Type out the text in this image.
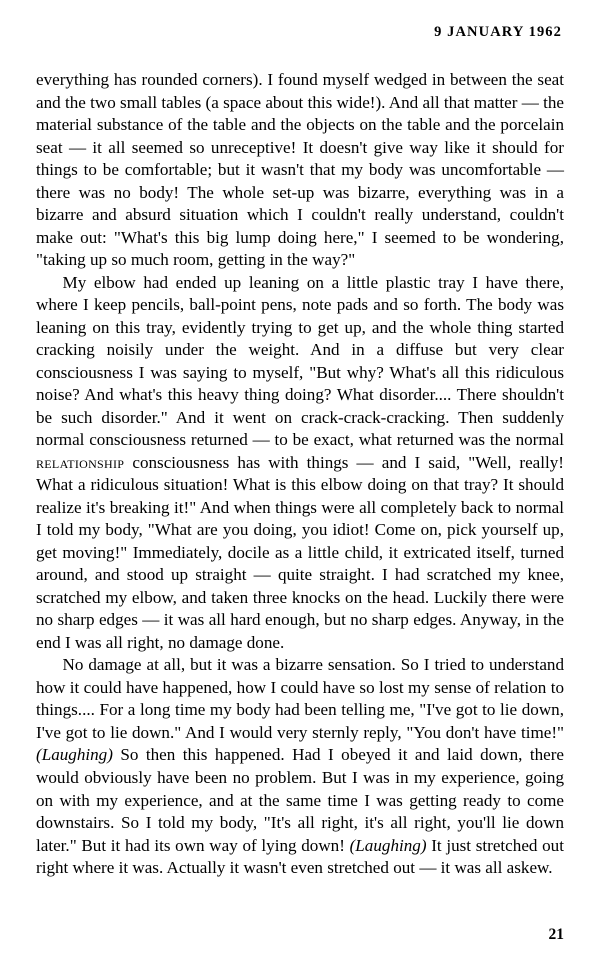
9 JANUARY 1962

everything has rounded corners). I found myself wedged in between the seat and the two small tables (a space about this wide!). And all that matter — the material substance of the table and the objects on the table and the porcelain seat — it all seemed so unreceptive! It doesn't give way like it should for things to be comfortable; but it wasn't that my body was uncomfortable — there was no body! The whole set-up was bizarre, everything was in a bizarre and absurd situation which I couldn't really understand, couldn't make out: "What's this big lump doing here," I seemed to be wondering, "taking up so much room, getting in the way?"

My elbow had ended up leaning on a little plastic tray I have there, where I keep pencils, ball-point pens, note pads and so forth. The body was leaning on this tray, evidently trying to get up, and the whole thing started cracking noisily under the weight. And in a diffuse but very clear consciousness I was saying to myself, "But why? What's all this ridiculous noise? And what's this heavy thing doing? What disorder.... There shouldn't be such disorder." And it went on crack-crack-cracking. Then suddenly normal consciousness returned — to be exact, what returned was the normal relationship consciousness has with things — and I said, "Well, really! What a ridiculous situation! What is this elbow doing on that tray? It should realize it's breaking it!" And when things were all completely back to normal I told my body, "What are you doing, you idiot! Come on, pick yourself up, get moving!" Immediately, docile as a little child, it extricated itself, turned around, and stood up straight — quite straight. I had scratched my knee, scratched my elbow, and taken three knocks on the head. Luckily there were no sharp edges — it was all hard enough, but no sharp edges. Anyway, in the end I was all right, no damage done.

No damage at all, but it was a bizarre sensation. So I tried to understand how it could have happened, how I could have so lost my sense of relation to things.... For a long time my body had been telling me, "I've got to lie down, I've got to lie down." And I would very sternly reply, "You don't have time!" (Laughing) So then this happened. Had I obeyed it and laid down, there would obviously have been no problem. But I was in my experience, going on with my experience, and at the same time I was getting ready to come downstairs. So I told my body, "It's all right, it's all right, you'll lie down later." But it had its own way of lying down! (Laughing) It just stretched out right where it was. Actually it wasn't even stretched out — it was all askew.

21
